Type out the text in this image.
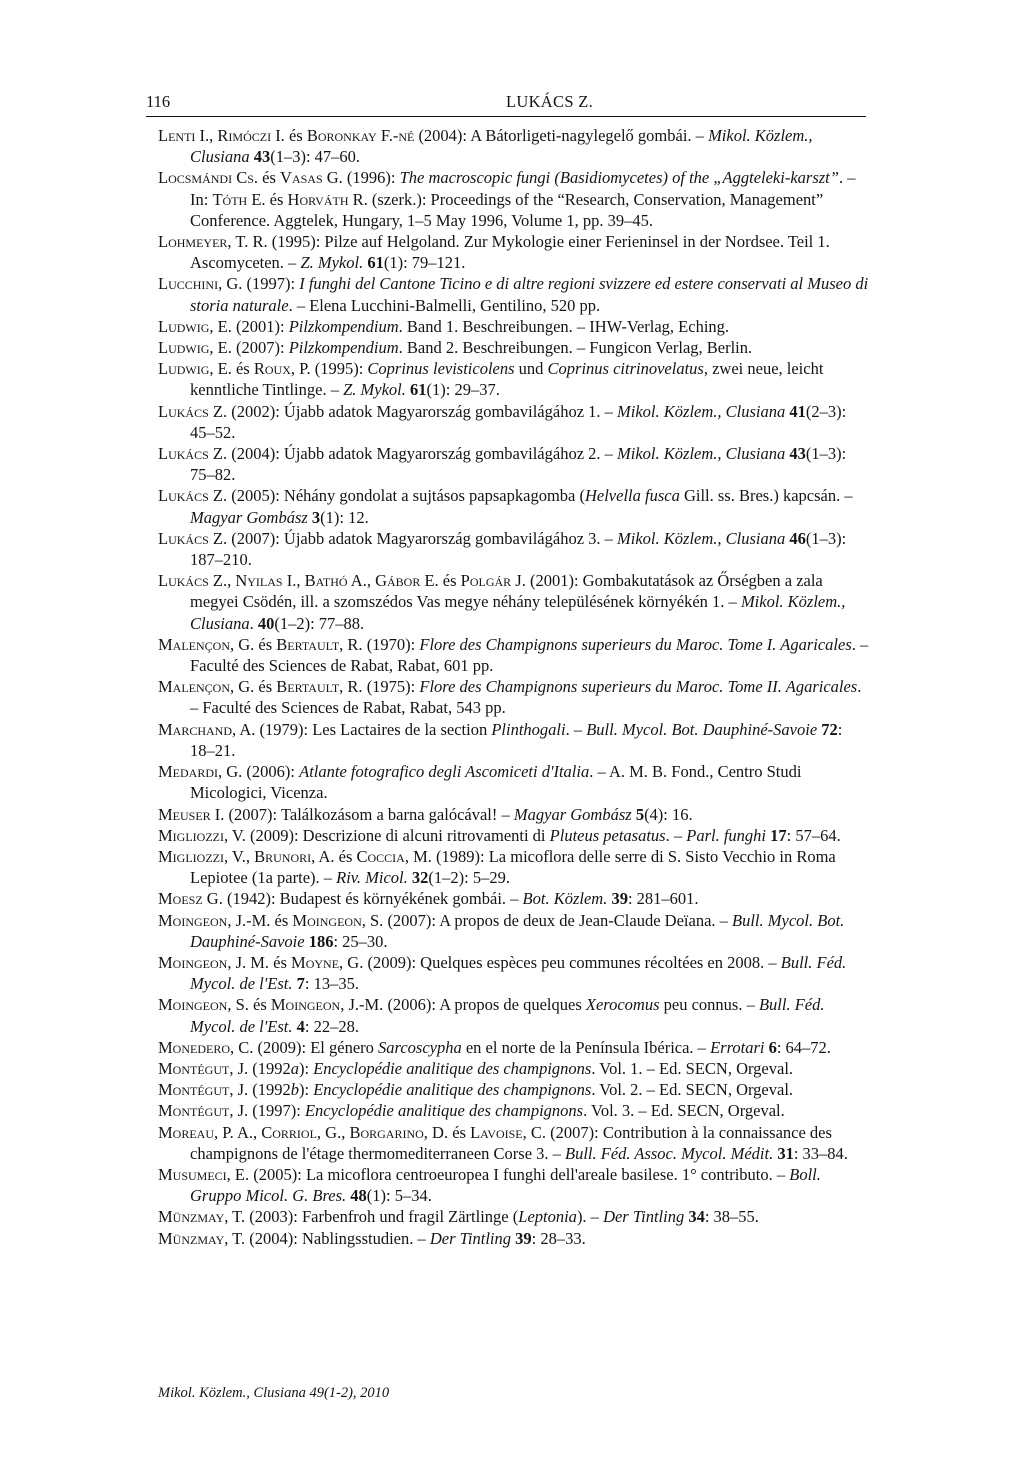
116	LUKÁCS Z.

Lenti I., Rimóczi I. és Boronkay F.-né (2004): A Bátorligeti-nagylegelő gombái. – Mikol. Közlem., Clusiana 43(1–3): 47–60.

Locsmándi Cs. és Vasas G. (1996): The macroscopic fungi (Basidiomycetes) of the „Aggteleki-karszt”. – In: Tóth E. és Horváth R. (szerk.): Proceedings of the “Research, Conservation, Management” Conference. Aggtelek, Hungary, 1–5 May 1996, Volume 1, pp. 39–45.

Lohmeyer, T. R. (1995): Pilze auf Helgoland. Zur Mykologie einer Ferieninsel in der Nordsee. Teil 1. Ascomyceten. – Z. Mykol. 61(1): 79–121.

Lucchini, G. (1997): I funghi del Cantone Ticino e di altre regioni svizzere ed estere conservati al Museo di storia naturale. – Elena Lucchini-Balmelli, Gentilino, 520 pp.

Ludwig, E. (2001): Pilzkompendium. Band 1. Beschreibungen. – IHW-Verlag, Eching.

Ludwig, E. (2007): Pilzkompendium. Band 2. Beschreibungen. – Fungicon Verlag, Berlin.

Ludwig, E. és Roux, P. (1995): Coprinus levisticolens und Coprinus citrinovelatus, zwei neue, leicht kenntliche Tintlinge. – Z. Mykol. 61(1): 29–37.

Lukács Z. (2002): Újabb adatok Magyarország gombavilágához 1. – Mikol. Közlem., Clusiana 41(2–3): 45–52.

Lukács Z. (2004): Újabb adatok Magyarország gombavilágához 2. – Mikol. Közlem., Clusiana 43(1–3): 75–82.

Lukács Z. (2005): Néhány gondolat a sujtásos papsapkagomba (Helvella fusca Gill. ss. Bres.) kapcsán. – Magyar Gombász 3(1): 12.

Lukács Z. (2007): Újabb adatok Magyarország gombavilágához 3. – Mikol. Közlem., Clusiana 46(1–3): 187–210.

Lukács Z., Nyilas I., Bathó A., Gábor E. és Polgár J. (2001): Gombakutatások az Őrségben a zala megyei Csödén, ill. a szomszédos Vas megye néhány településének környékén 1. – Mikol. Közlem., Clusiana. 40(1–2): 77–88.

Malençon, G. és Bertault, R. (1970): Flore des Champignons superieurs du Maroc. Tome I. Agaricales. – Faculté des Sciences de Rabat, Rabat, 601 pp.

Malençon, G. és Bertault, R. (1975): Flore des Champignons superieurs du Maroc. Tome II. Agaricales. – Faculté des Sciences de Rabat, Rabat, 543 pp.

Marchand, A. (1979): Les Lactaires de la section Plinthogali. – Bull. Mycol. Bot. Dauphiné-Savoie 72: 18–21.

Medardi, G. (2006): Atlante fotografico degli Ascomiceti d'Italia. – A. M. B. Fond., Centro Studi Micologici, Vicenza.

Meuser I. (2007): Találkozásom a barna galócával! – Magyar Gombász 5(4): 16.

Migliozzi, V. (2009): Descrizione di alcuni ritrovamenti di Pluteus petasatus. – Parl. funghi 17: 57–64.

Migliozzi, V., Brunori, A. és Coccia, M. (1989): La micoflora delle serre di S. Sisto Vecchio in Roma Lepiotee (1a parte). – Riv. Micol. 32(1–2): 5–29.

Moesz G. (1942): Budapest és környékének gombái. – Bot. Közlem. 39: 281–601.

Moingeon, J.-M. és Moingeon, S. (2007): A propos de deux de Jean-Claude Deïana. – Bull. Mycol. Bot. Dauphiné-Savoie 186: 25–30.

Moingeon, J. M. és Moyne, G. (2009): Quelques espèces peu communes récoltées en 2008. – Bull. Féd. Mycol. de l'Est. 7: 13–35.

Moingeon, S. és Moingeon, J.-M. (2006): A propos de quelques Xerocomus peu connus. – Bull. Féd. Mycol. de l'Est. 4: 22–28.

Monedero, C. (2009): El género Sarcoscypha en el norte de la Península Ibérica. – Errotari 6: 64–72.

Montégut, J. (1992a): Encyclopédie analitique des champignons. Vol. 1. – Ed. SECN, Orgeval.

Montégut, J. (1992b): Encyclopédie analitique des champignons. Vol. 2. – Ed. SECN, Orgeval.

Montégut, J. (1997): Encyclopédie analitique des champignons. Vol. 3. – Ed. SECN, Orgeval.

Moreau, P. A., Corriol, G., Borgarino, D. és Lavoise, C. (2007): Contribution à la connaissance des champignons de l'étage thermomediterraneen Corse 3. – Bull. Féd. Assoc. Mycol. Médit. 31: 33–84.

Musumeci, E. (2005): La micoflora centroeuropea I funghi dell'areale basilese. 1° contributo. – Boll. Gruppo Micol. G. Bres. 48(1): 5–34.

Münzmay, T. (2003): Farbenfroh und fragil Zärtlinge (Leptonia). – Der Tintling 34: 38–55.

Münzmay, T. (2004): Nablingsstudien. – Der Tintling 39: 28–33.

Mikol. Közlem., Clusiana 49(1-2), 2010
